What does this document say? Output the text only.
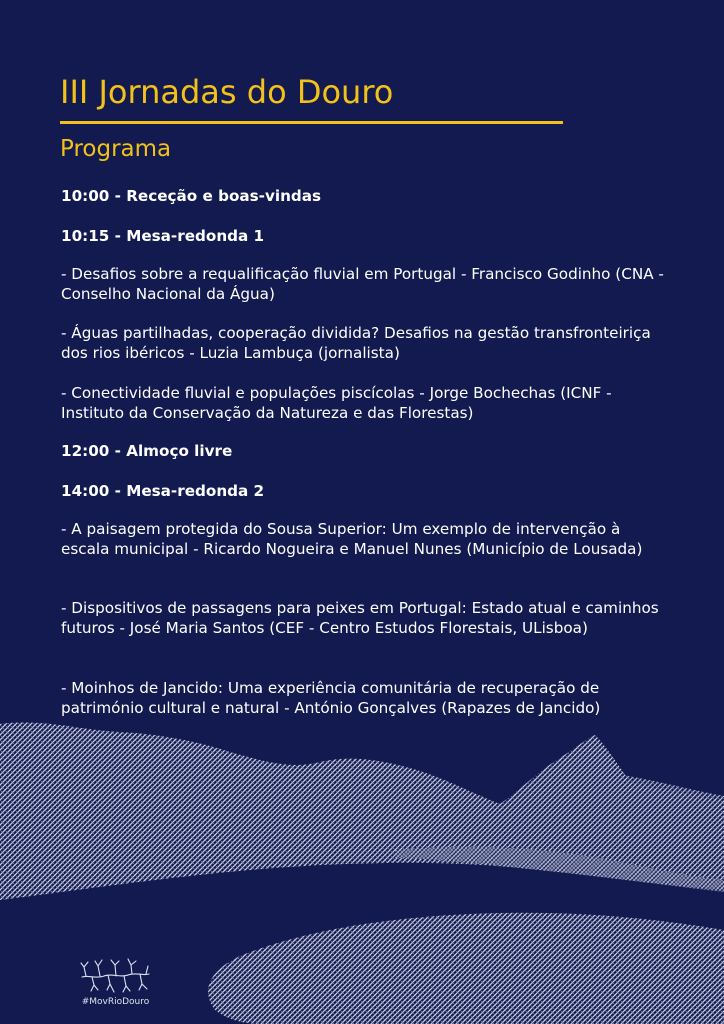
III Jornadas do Douro
Programa
10:00 - Receção e boas-vindas
10:15 - Mesa-redonda 1
- Desafios sobre a requalificação fluvial em Portugal - Francisco Godinho (CNA - Conselho Nacional da Água)
- Águas partilhadas, cooperação dividida? Desafios na gestão transfronteiriça dos rios ibéricos - Luzia Lambuça (jornalista)
- Conectividade fluvial e populações piscícolas - Jorge Bochechas (ICNF - Instituto da Conservação da Natureza e das Florestas)
12:00 - Almoço livre
14:00 - Mesa-redonda 2
- A paisagem protegida do Sousa Superior: Um exemplo de intervenção à escala municipal - Ricardo Nogueira e Manuel Nunes (Município de Lousada)
- Dispositivos de passagens para peixes em Portugal: Estado atual e caminhos futuros - José Maria Santos (CEF - Centro Estudos Florestais, ULisboa)
- Moinhos de Jancido: Uma experiência comunitária de recuperação de património cultural e natural - António Gonçalves (Rapazes de Jancido)
#MovRioDouro
